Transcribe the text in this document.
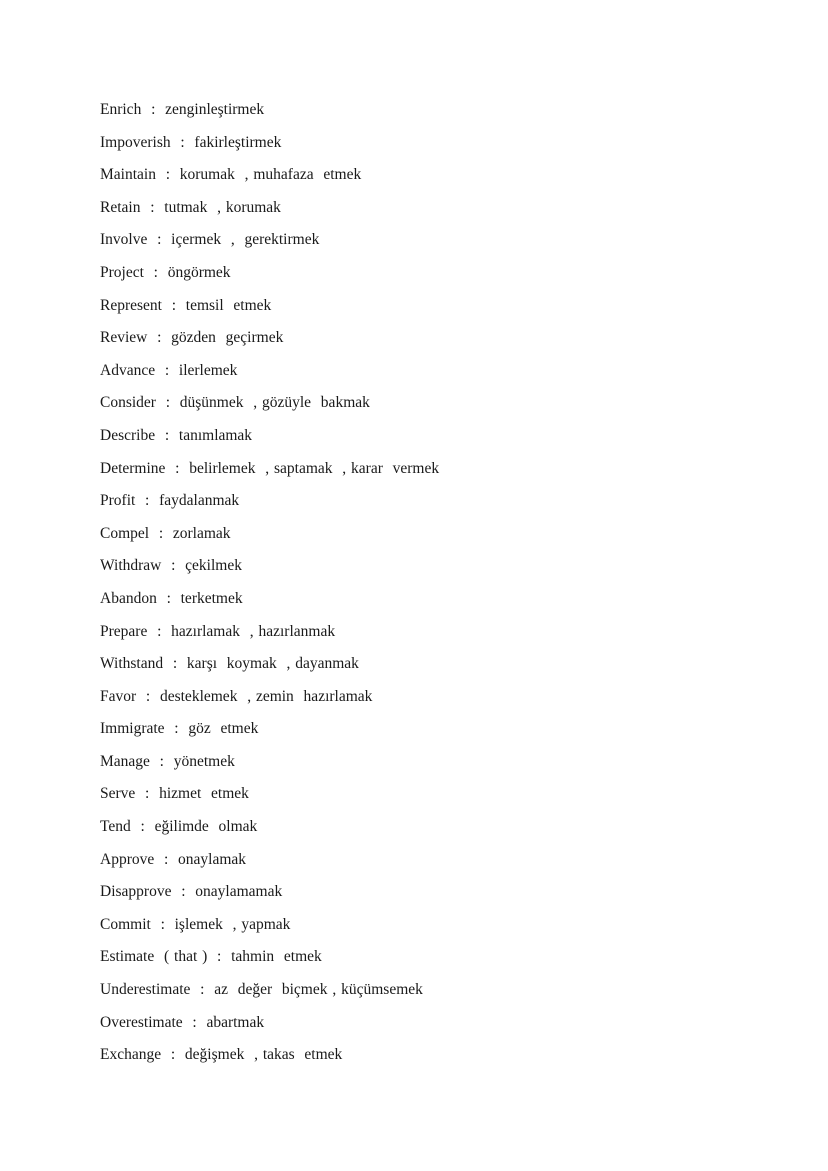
Enrich  :  zenginleştirmek
Impoverish  :  fakirleştirmek
Maintain  :  korumak  , muhafaza  etmek
Retain  :  tutmak  , korumak
Involve  :  içermek  ,  gerektirmek
Project  :  öngörmek
Represent  :  temsil  etmek
Review  :  gözden  geçirmek
Advance  :  ilerlemek
Consider  :  düşünmek  , gözüyle  bakmak
Describe  :  tanımlamak
Determine  :  belirlemek  , saptamak  , karar  vermek
Profit  :  faydalanmak
Compel  :  zorlamak
Withdraw  :  çekilmek
Abandon  :  terketmek
Prepare  :  hazırlamak  , hazırlanmak
Withstand  :  karşı  koymak  , dayanmak
Favor  :  desteklemek  , zemin  hazırlamak
Immigrate  :  göz  etmek
Manage  :  yönetmek
Serve  :  hizmet  etmek
Tend  :  eğilimde  olmak
Approve  :  onaylamak
Disapprove  :  onaylamamak
Commit  :  işlemek  , yapmak
Estimate  ( that )  :  tahmin  etmek
Underestimate  :  az  değer  biçmek , küçümsemek
Overestimate  :  abartmak
Exchange  :  değişmek  , takas  etmek
